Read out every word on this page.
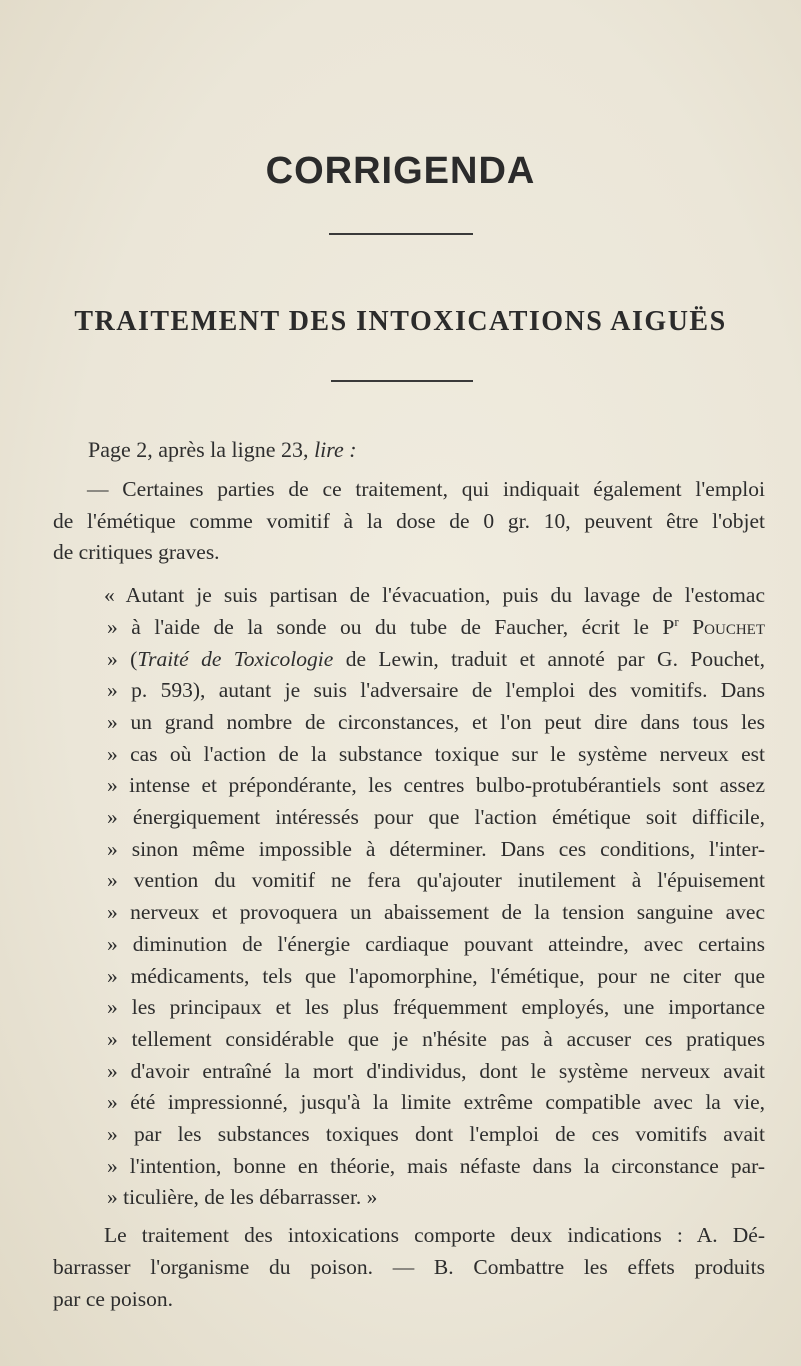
CORRIGENDA
TRAITEMENT DES INTOXICATIONS AIGUËS
Page 2, après la ligne 23, lire :
— Certaines parties de ce traitement, qui indiquait également l'emploi
de l'émétique comme vomitif à la dose de 0 gr. 10, peuvent être l'objet
de critiques graves.
« Autant je suis partisan de l'évacuation, puis du lavage de l'estomac
» à l'aide de la sonde ou du tube de Faucher, écrit le $P^r$ Pouchet
» (Traité de Toxicologie de Lewin, traduit et annoté par G. Pouchet,
» p. 593), autant je suis l'adversaire de l'emploi des vomitifs. Dans
» un grand nombre de circonstances, et l'on peut dire dans tous les
» cas où l'action de la substance toxique sur le système nerveux est
» intense et prépondérante, les centres bulbo-protubérantiels sont assez
» énergiquement intéressés pour que l'action émétique soit difficile,
» sinon même impossible à déterminer. Dans ces conditions, l'inter-
» vention du vomitif ne fera qu'ajouter inutilement à l'épuisement
» nerveux et provoquera un abaissement de la tension sanguine avec
» diminution de l'énergie cardiaque pouvant atteindre, avec certains
» médicaments, tels que l'apomorphine, l'émétique, pour ne citer que
» les principaux et les plus fréquemment employés, une importance
» tellement considérable que je n'hésite pas à accuser ces pratiques
» d'avoir entraîné la mort d'individus, dont le système nerveux avait
» été impressionné, jusqu'à la limite extrême compatible avec la vie,
» par les substances toxiques dont l'emploi de ces vomitifs avait
» l'intention, bonne en théorie, mais néfaste dans la circonstance par-
» ticulière, de les débarrasser. »
Le traitement des intoxications comporte deux indications : A. Dé-
barrasser l'organisme du poison. — B. Combattre les effets produits
par ce poison.
